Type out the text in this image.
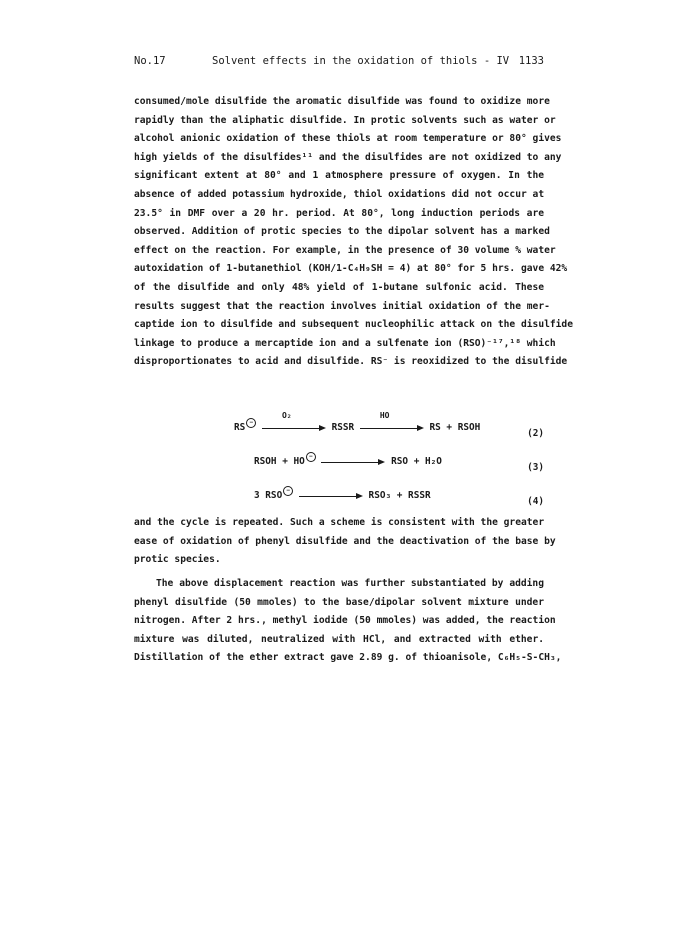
No.17	Solvent effects in the oxidation of thiols - IV 1133
consumed/mole disulfide the aromatic disulfide was found to oxidize more
rapidly than the aliphatic disulfide. In protic solvents such as water or
alcohol anionic oxidation of these thiols at room temperature or 80° gives
high yields of the disulfides¹¹ and the disulfides are not oxidized to any
significant extent at 80° and 1 atmosphere pressure of oxygen. In the
absence of added potassium hydroxide, thiol oxidations did not occur at
23.5° in DMF over a 20 hr. period. At 80°, long induction periods are
observed. Addition of protic species to the dipolar solvent has a marked
effect on the reaction. For example, in the presence of 30 volume % water
autoxidation of 1-butanethiol (KOH/1-C₄H₉SH = 4) at 80° for 5 hrs. gave 42%
of the disulfide and only 48% yield of 1-butane sulfonic acid. These
results suggest that the reaction involves initial oxidation of the mer-
captide ion to disulfide and subsequent nucleophilic attack on the disulfide
linkage to produce a mercaptide ion and a sulfenate ion (RSO)⁻¹⁷,¹⁸ which
disproportionates to acid and disulfide. RS⁻ is reoxidized to the disulfide
RS −
O₂
RSSR
HO
RS + RSOH
(2)
RSOH + HO −	RSO + H₂O
(3)
3 RSO −	RSO₃ + RSSR
(4)
and the cycle is repeated. Such a scheme is consistent with the greater
ease of oxidation of phenyl disulfide and the deactivation of the base by
protic species.
The above displacement reaction was further substantiated by adding
phenyl disulfide (50 mmoles) to the base/dipolar solvent mixture under
nitrogen. After 2 hrs., methyl iodide (50 mmoles) was added, the reaction
mixture was diluted, neutralized with HCl, and extracted with ether.
Distillation of the ether extract gave 2.89 g. of thioanisole, C₆H₅-S-CH₃,
